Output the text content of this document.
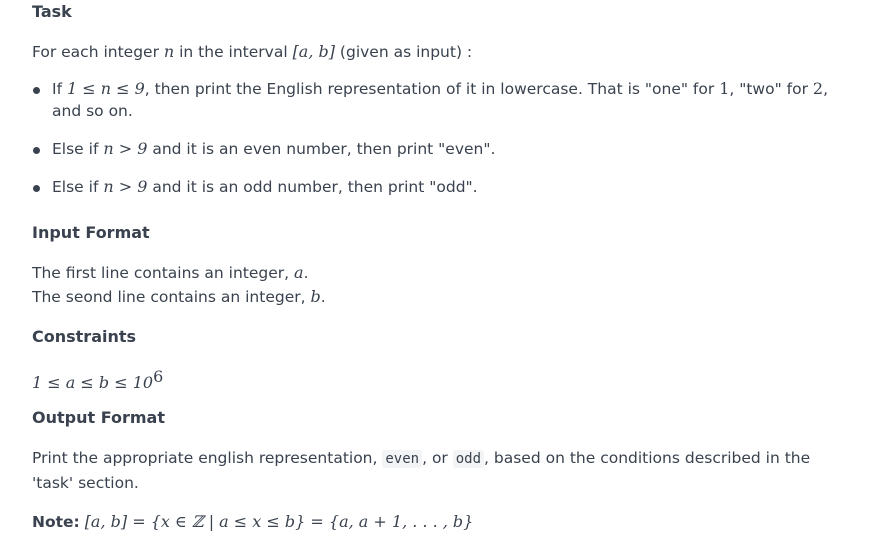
Task

For each integer n in the interval [a, b] (given as input) :

If 1 ≤ n ≤ 9, then print the English representation of it in lowercase. That is "one" for 1, "two" for 2, and so on.
Else if n > 9 and it is an even number, then print "even".
Else if n > 9 and it is an odd number, then print "odd".
Input Format

The first line contains an integer, a.

The seond line contains an integer, b.

Constraints

$1 \le a \le b \le 10^6$

Output Format

Print the appropriate english representation, even , or odd , based on the conditions described in the 'task' section.

Note: [a, b] = {x ∈ ℤ | a ≤ x ≤ b} = {a, a + 1, . . . , b}
